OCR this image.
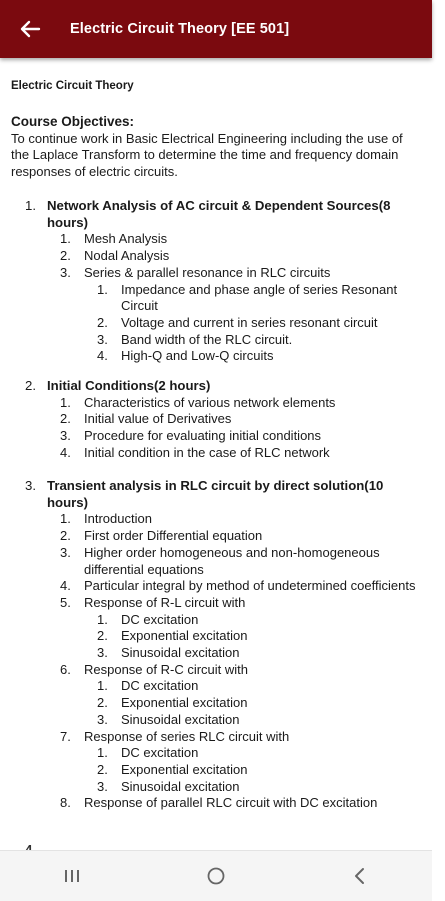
Electric Circuit Theory [EE 501]
Electric Circuit Theory
Course Objectives:
To continue work in Basic Electrical Engineering including the use of the Laplace Transform to determine the time and frequency domain responses of electric circuits.
1. Network Analysis of AC circuit & Dependent Sources(8 hours)
1. Mesh Analysis
2. Nodal Analysis
3. Series & parallel resonance in RLC circuits
1. Impedance and phase angle of series Resonant Circuit
2. Voltage and current in series resonant circuit
3. Band width of the RLC circuit.
4. High-Q and Low-Q circuits
2. Initial Conditions(2 hours)
1. Characteristics of various network elements
2. Initial value of Derivatives
3. Procedure for evaluating initial conditions
4. Initial condition in the case of RLC network
3. Transient analysis in RLC circuit by direct solution(10 hours)
1. Introduction
2. First order Differential equation
3. Higher order homogeneous and non-homogeneous differential equations
4. Particular integral by method of undetermined coefficients
5. Response of R-L circuit with
1. DC excitation
2. Exponential excitation
3. Sinusoidal excitation
6. Response of R-C circuit with
1. DC excitation
2. Exponential excitation
3. Sinusoidal excitation
7. Response of series RLC circuit with
1. DC excitation
2. Exponential excitation
3. Sinusoidal excitation
8. Response of parallel RLC circuit with DC excitation
